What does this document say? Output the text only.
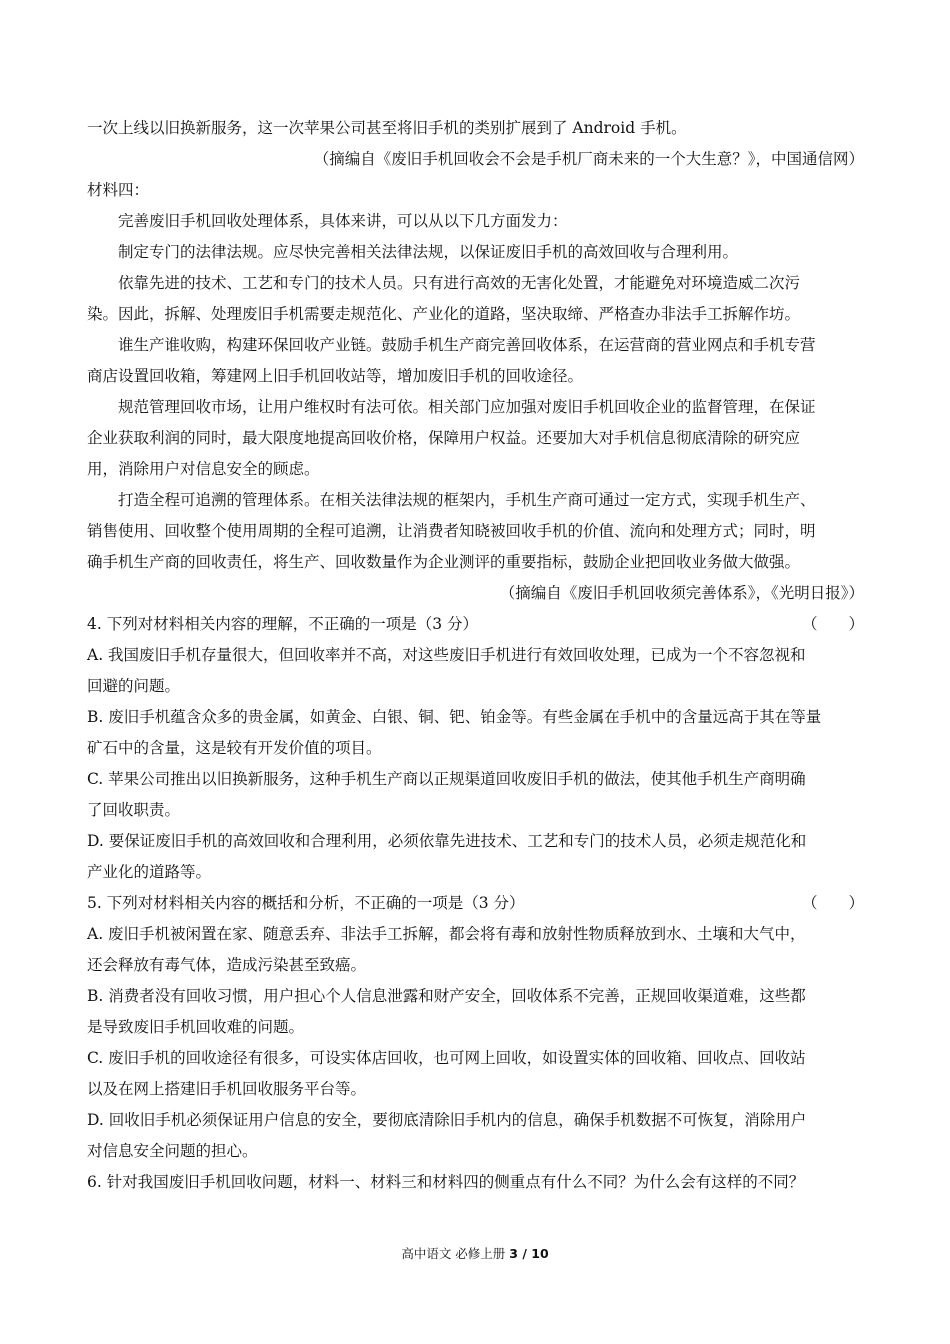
一次上线以旧换新服务，这一次苹果公司甚至将旧手机的类别扩展到了 Android 手机。
（摘编自《废旧手机回收会不会是手机厂商未来的一个大生意？》，中国通信网）
材料四：
完善废旧手机回收处理体系，具体来讲，可以从以下几方面发力：
制定专门的法律法规。应尽快完善相关法律法规，以保证废旧手机的高效回收与合理利用。
依靠先进的技术、工艺和专门的技术人员。只有进行高效的无害化处置，才能避免对环境造威二次污
染。因此，拆解、处理废旧手机需要走规范化、产业化的道路，坚决取缔、严格查办非法手工拆解作坊。
谁生产谁收购，构建环保回收产业链。鼓励手机生产商完善回收体系，在运营商的营业网点和手机专营
商店设置回收箱，筹建网上旧手机回收站等，增加废旧手机的回收途径。
规范管理回收市场，让用户维权时有法可依。相关部门应加强对废旧手机回收企业的监督管理，在保证
企业获取利润的同时，最大限度地提高回收价格，保障用户权益。还要加大对手机信息彻底清除的研究应
用，消除用户对信息安全的顾虑。
打造全程可追溯的管理体系。在相关法律法规的框架内，手机生产商可通过一定方式，实现手机生产、
销售使用、回收整个使用周期的全程可追溯，让消费者知晓被回收手机的价值、流向和处理方式；同时，明
确手机生产商的回收责任，将生产、回收数量作为企业测评的重要指标，鼓励企业把回收业务做大做强。
（摘编自《废旧手机回收须完善体系》，《光明日报》）
4. 下列对材料相关内容的理解，不正确的一项是（3 分）	（　　）
A. 我国废旧手机存量很大，但回收率并不高，对这些废旧手机进行有效回收处理，已成为一个不容忽视和
回避的问题。
B. 废旧手机蕴含众多的贵金属，如黄金、白银、铜、钯、铂金等。有些金属在手机中的含量远高于其在等量
矿石中的含量，这是较有开发价值的项目。
C. 苹果公司推出以旧换新服务，这种手机生产商以正规渠道回收废旧手机的做法，使其他手机生产商明确
了回收职责。
D. 要保证废旧手机的高效回收和合理利用，必须依靠先进技术、工艺和专门的技术人员，必须走规范化和
产业化的道路等。
5. 下列对材料相关内容的概括和分析，不正确的一项是（3 分）	（　　）
A. 废旧手机被闲置在家、随意丢弃、非法手工拆解，都会将有毒和放射性物质释放到水、土壤和大气中，
还会释放有毒气体，造成污染甚至致癌。
B. 消费者没有回收习惯，用户担心个人信息泄露和财产安全，回收体系不完善，正规回收渠道难，这些都
是导致废旧手机回收难的问题。
C. 废旧手机的回收途径有很多，可设实体店回收，也可网上回收，如设置实体的回收箱、回收点、回收站
以及在网上搭建旧手机回收服务平台等。
D. 回收旧手机必须保证用户信息的安全，要彻底清除旧手机内的信息，确保手机数据不可恢复，消除用户
对信息安全问题的担心。
6. 针对我国废旧手机回收问题，材料一、材料三和材料四的侧重点有什么不同？为什么会有这样的不同？
高中语文 必修上册 3 / 10
